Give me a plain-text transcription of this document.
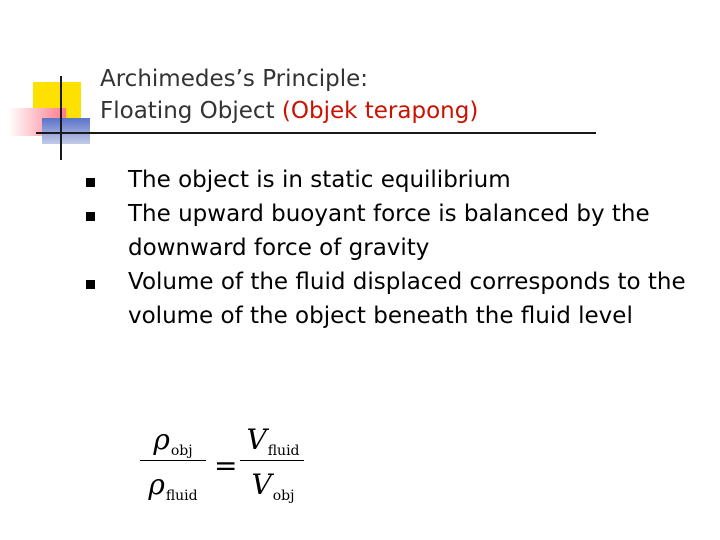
Archimedes’s Principle:
Floating Object (Objek terapong)
The object is in static equilibrium
The upward buoyant force is balanced by the downward force of gravity
Volume of the fluid displaced corresponds to the volume of the object beneath the fluid level
$\rho_{obj}$
$\rho_{fluid}$
=
$V_{fluid}$
$V_{obj}$
